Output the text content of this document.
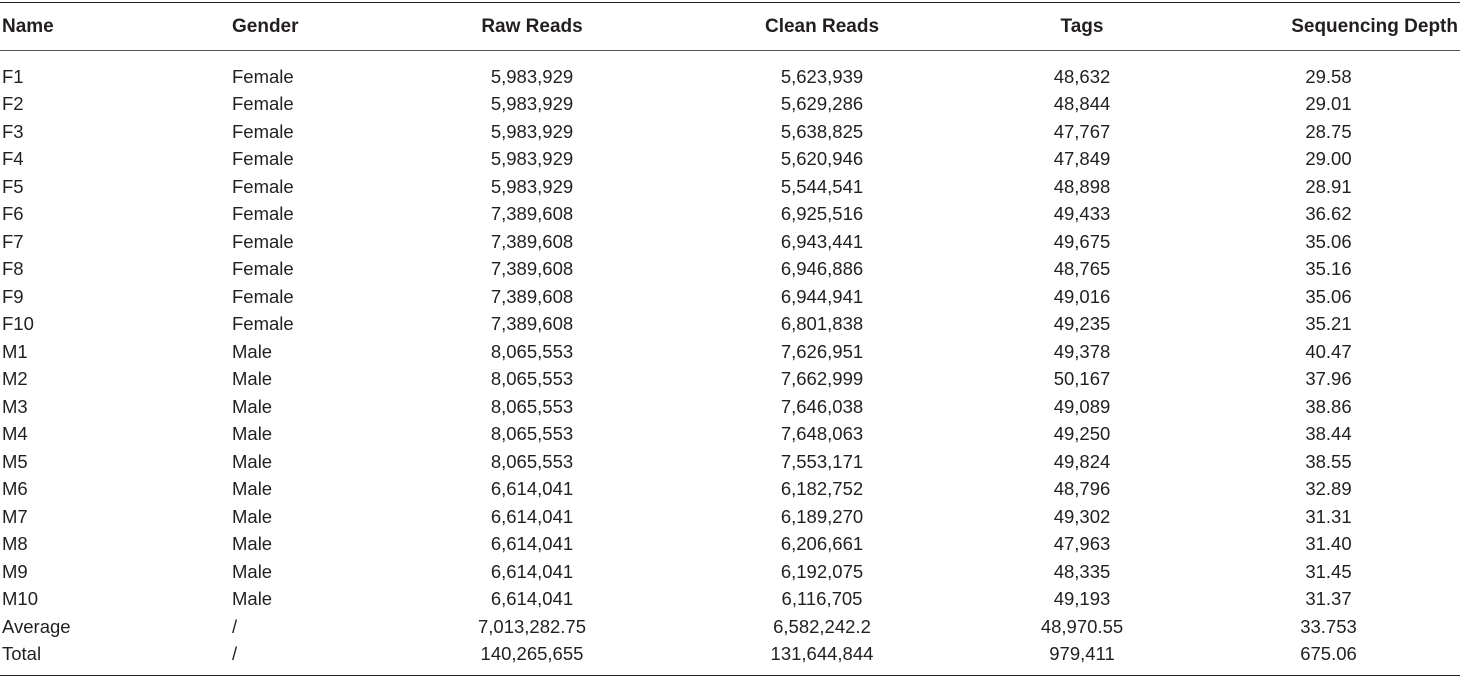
Name	Gender	Raw Reads	Clean Reads	Tags	Sequencing Depth
F1	Female	5,983,929	5,623,939	48,632	29.58
F2	Female	5,983,929	5,629,286	48,844	29.01
F3	Female	5,983,929	5,638,825	47,767	28.75
F4	Female	5,983,929	5,620,946	47,849	29.00
F5	Female	5,983,929	5,544,541	48,898	28.91
F6	Female	7,389,608	6,925,516	49,433	36.62
F7	Female	7,389,608	6,943,441	49,675	35.06
F8	Female	7,389,608	6,946,886	48,765	35.16
F9	Female	7,389,608	6,944,941	49,016	35.06
F10	Female	7,389,608	6,801,838	49,235	35.21
M1	Male	8,065,553	7,626,951	49,378	40.47
M2	Male	8,065,553	7,662,999	50,167	37.96
M3	Male	8,065,553	7,646,038	49,089	38.86
M4	Male	8,065,553	7,648,063	49,250	38.44
M5	Male	8,065,553	7,553,171	49,824	38.55
M6	Male	6,614,041	6,182,752	48,796	32.89
M7	Male	6,614,041	6,189,270	49,302	31.31
M8	Male	6,614,041	6,206,661	47,963	31.40
M9	Male	6,614,041	6,192,075	48,335	31.45
M10	Male	6,614,041	6,116,705	49,193	31.37
Average	/	7,013,282.75	6,582,242.2	48,970.55	33.753
Total	/	140,265,655	131,644,844	979,411	675.06
